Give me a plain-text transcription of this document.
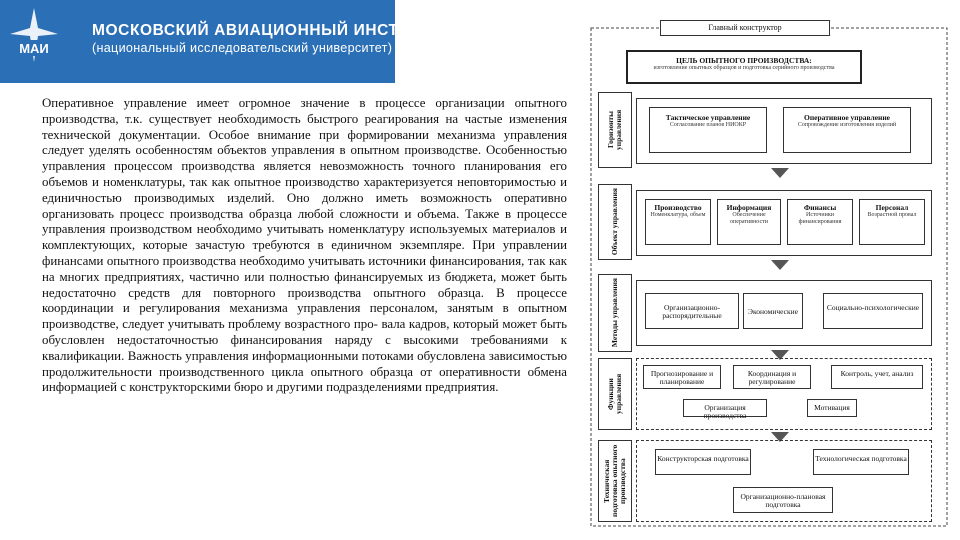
МАИ
МОСКОВСКИЙ АВИАЦИОННЫЙ ИНСТИТУТ
(национальный исследовательский университет)
Оперативное управление имеет огромное значение в процессе организации опытного производства, т.к. существует необходимость быстрого реагирования на частые изменения технической документации. Особое внимание при формировании механизма управления следует уделять особенностям объектов управления в опытном производстве. Особенностью управления процессом производства является невозможность точного планирования его объемов и номенклатуры, так как опытное производство характеризуется неповторимостью и единичностью производимых изделий. Оно должно иметь возможность оперативно организовать процесс производства образца любой сложности и объема. Также в процессе управления производством необходимо учитывать номенклатуру используемых материалов и комплектующих, которые зачастую требуются в единичном экземпляре. При управлении финансами опытного производства необходимо учитывать источники финансирования, так как на многих предприятиях, частично или полностью финансируемых из бюджета, может быть недостаточно средств для повторного производства опытного образца. В процессе координации и регулирования механизма управления персоналом, занятым в опытном производстве, следует учитывать проблему возрастного про- вала кадров, который может быть обусловлен недостаточностью финансирования наряду с высокими требованиями к квалификации. Важность управления информационными потоками обусловлена зависимостью продолжительности производственного цикла опытного образца от оперативности обмена информацией с конструкторскими бюро и другими подразделениями предприятия.
Главный конструктор
ЦЕЛЬ ОПЫТНОГО ПРОИЗВОДСТВА:
изготовление опытных образцов и подготовка серийного производства
Горизонты управления	Тактическое управление
Согласование планов НИОКР
Оперативное управление
Сопровождение изготовления изделий
Объект управления	Производство
Номенклатура, объем
Информация
Обеспечение оперативности
Финансы
Источники финансирования
Персонал
Возрастной провал
Методы управления	Организационно-распорядительные	Экономические	Социально-психологические
Функции управления
Прогнозирование и планирование
Координация и регулирование
Контроль, учет, анализ
Организация производства
Мотивация
Техническая подготовка опытного производства	Конструкторская подготовка	Технологическая подготовка
Организационно-плановая подготовка
